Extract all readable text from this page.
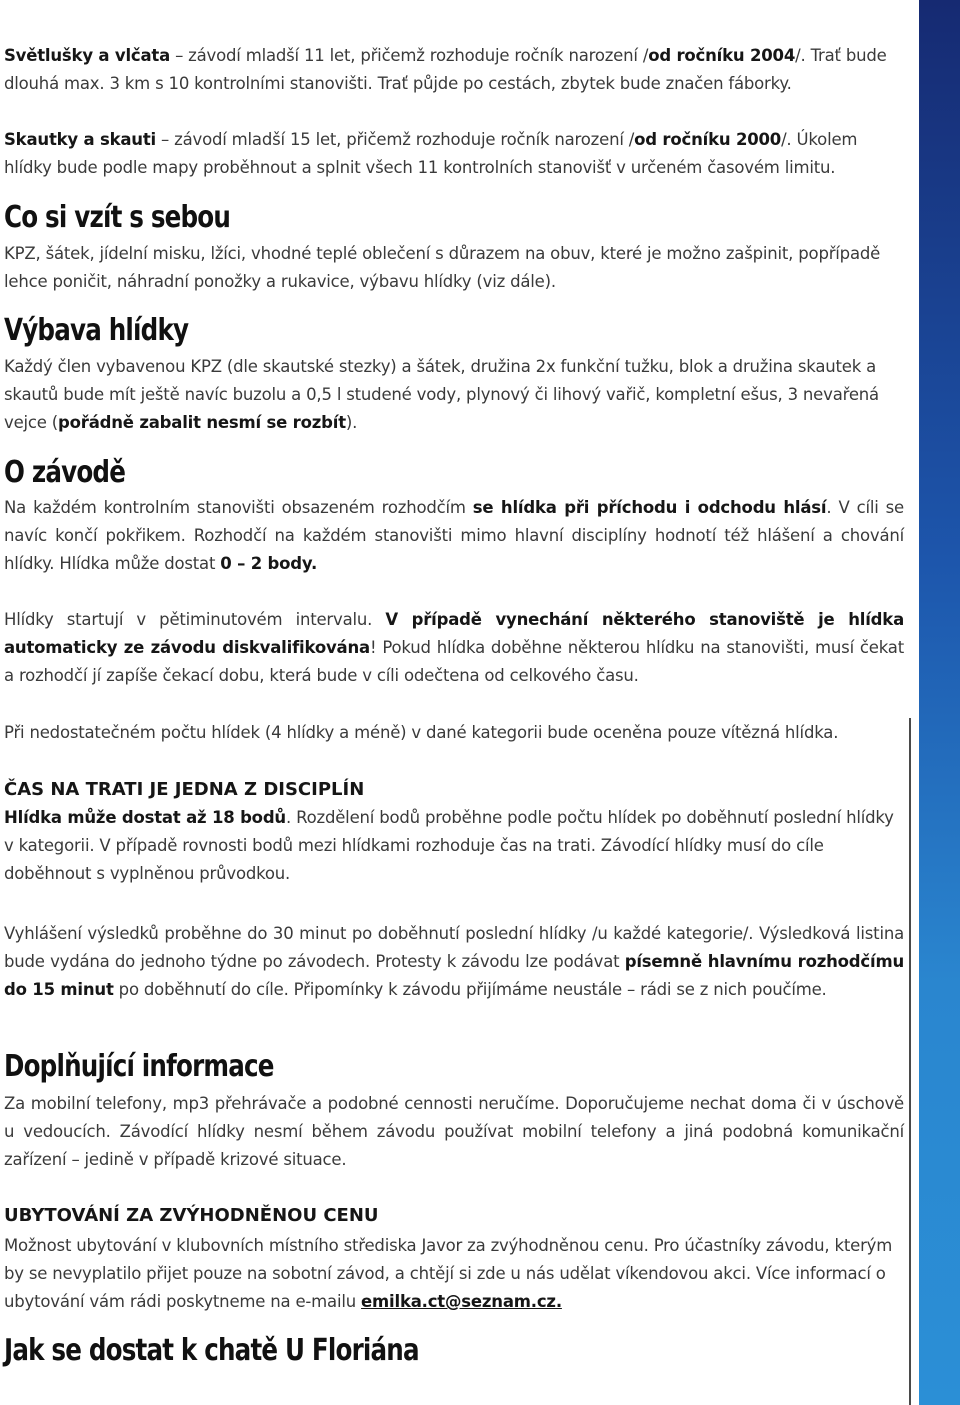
Světlušky a vlčata – závodí mladší 11 let, přičemž rozhoduje ročník narození /od ročníku 2004/. Trať bude dlouhá max. 3 km s 10 kontrolními stanovišti. Trať půjde po cestách, zbytek bude značen fáborky.

Skautky a skauti – závodí mladší 15 let, přičemž rozhoduje ročník narození /od ročníku 2000/. Úkolem hlídky bude podle mapy proběhnout a splnit všech 11 kontrolních stanovišť v určeném časovém limitu.

Co si vzít s sebou

KPZ, šátek, jídelní misku, lžíci, vhodné teplé oblečení s důrazem na obuv, které je možno zašpinit, popřípadě lehce poničit, náhradní ponožky a rukavice, výbavu hlídky (viz dále).

Výbava hlídky

Každý člen vybavenou KPZ (dle skautské stezky) a šátek, družina 2x funkční tužku, blok a družina skautek a skautů bude mít ještě navíc buzolu a 0,5 l studené vody, plynový či lihový vařič, kompletní ešus, 3 nevařená vejce (pořádně zabalit nesmí se rozbít).

O závodě

Na každém kontrolním stanovišti obsazeném rozhodčím se hlídka při příchodu i odchodu hlásí. V cíli se navíc končí pokřikem. Rozhodčí na každém stanovišti mimo hlavní disciplíny hodnotí též hlášení a chování hlídky. Hlídka může dostat 0 – 2 body.

Hlídky startují v pětiminutovém intervalu. V případě vynechání některého stanoviště je hlídka automaticky ze závodu diskvalifikována! Pokud hlídka doběhne některou hlídku na stanovišti, musí čekat a rozhodčí jí zapíše čekací dobu, která bude v cíli odečtena od celkového času.

Při nedostatečném počtu hlídek (4 hlídky a méně) v dané kategorii bude oceněna pouze vítězná hlídka.

ČAS NA TRATI JE JEDNA Z DISCIPLÍN

Hlídka může dostat až 18 bodů. Rozdělení bodů proběhne podle počtu hlídek po doběhnutí poslední hlídky v kategorii. V případě rovnosti bodů mezi hlídkami rozhoduje čas na trati. Závodící hlídky musí do cíle doběhnout s vyplněnou průvodkou.

Vyhlášení výsledků proběhne do 30 minut po doběhnutí poslední hlídky /u každé kategorie/. Výsledková listina bude vydána do jednoho týdne po závodech. Protesty k závodu lze podávat písemně hlavnímu rozhodčímu do 15 minut po doběhnutí do cíle. Připomínky k závodu přijímáme neustále – rádi se z nich poučíme.

Doplňující informace

Za mobilní telefony, mp3 přehrávače a podobné cennosti neručíme. Doporučujeme nechat doma či v úschově u vedoucích. Závodící hlídky nesmí během závodu používat mobilní telefony a jiná podobná komunikační zařízení – jedině v případě krizové situace.

UBYTOVÁNÍ ZA ZVÝHODNĚNOU CENU

Možnost ubytování v klubovních místního střediska Javor za zvýhodněnou cenu. Pro účastníky závodu, kterým by se nevyplatilo přijet pouze na sobotní závod, a chtějí si zde u nás udělat víkendovou akci. Více informací o ubytování vám rádi poskytneme na e-mailu emilka.ct@seznam.cz.

Jak se dostat k chatě U Floriána
